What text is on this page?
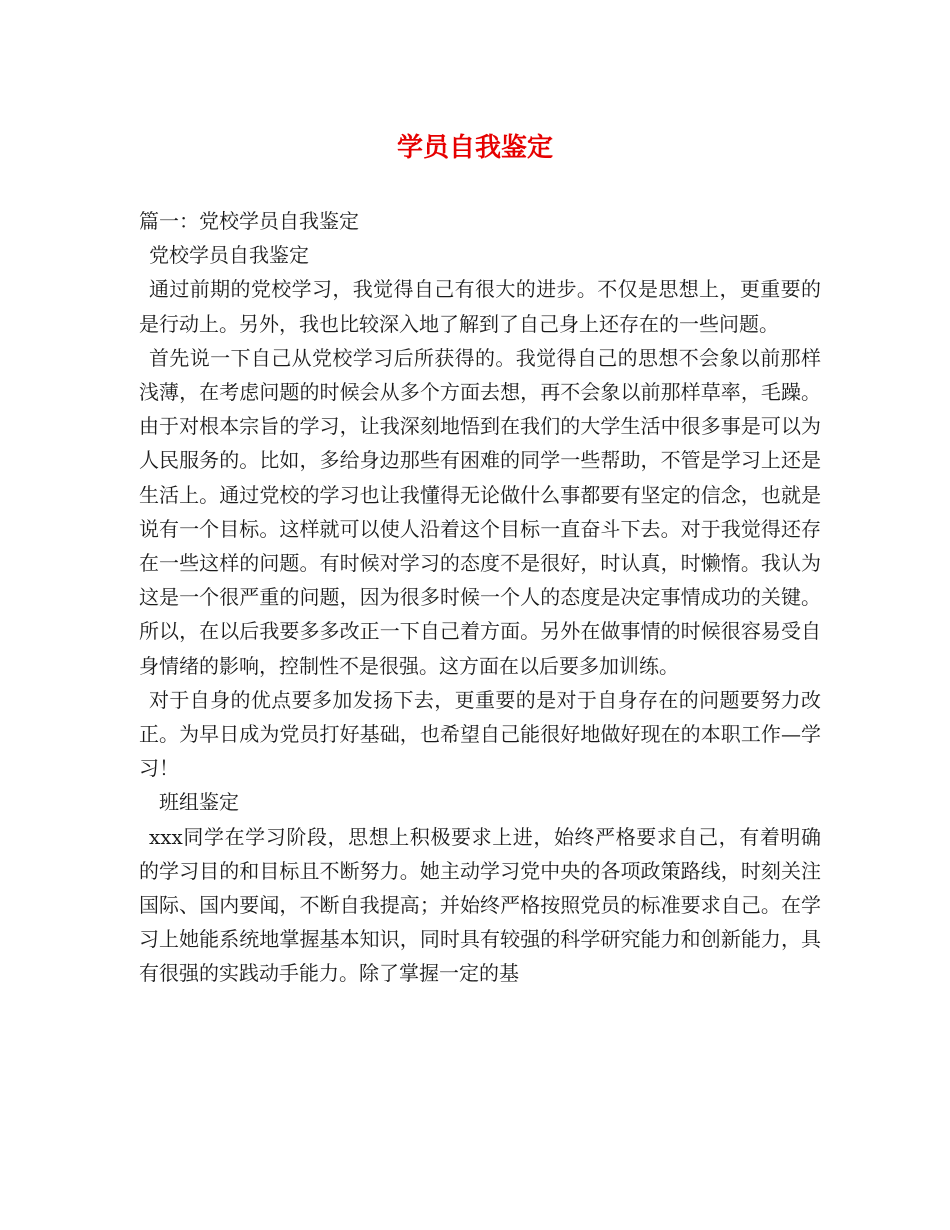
学员自我鉴定

篇一：党校学员自我鉴定

党校学员自我鉴定

通过前期的党校学习，我觉得自己有很大的进步。不仅是思想上，更重要的是行动上。另外，我也比较深入地了解到了自己身上还存在的一些问题。

首先说一下自己从党校学习后所获得的。我觉得自己的思想不会象以前那样浅薄，在考虑问题的时候会从多个方面去想，再不会象以前那样草率，毛躁。由于对根本宗旨的学习，让我深刻地悟到在我们的大学生活中很多事是可以为人民服务的。比如，多给身边那些有困难的同学一些帮助，不管是学习上还是生活上。通过党校的学习也让我懂得无论做什么事都要有坚定的信念，也就是说有一个目标。这样就可以使人沿着这个目标一直奋斗下去。对于我觉得还存在一些这样的问题。有时候对学习的态度不是很好，时认真，时懒惰。我认为这是一个很严重的问题，因为很多时候一个人的态度是决定事情成功的关键。所以，在以后我要多多改正一下自己着方面。另外在做事情的时候很容易受自身情绪的影响，控制性不是很强。这方面在以后要多加训练。

对于自身的优点要多加发扬下去，更重要的是对于自身存在的问题要努力改正。为早日成为党员打好基础，也希望自己能很好地做好现在的本职工作—学习！

班组鉴定

xxx同学在学习阶段，思想上积极要求上进，始终严格要求自己，有着明确的学习目的和目标且不断努力。她主动学习党中央的各项政策路线，时刻关注国际、国内要闻，不断自我提高；并始终严格按照党员的标准要求自己。在学习上她能系统地掌握基本知识，同时具有较强的科学研究能力和创新能力，具有很强的实践动手能力。除了掌握一定的基
